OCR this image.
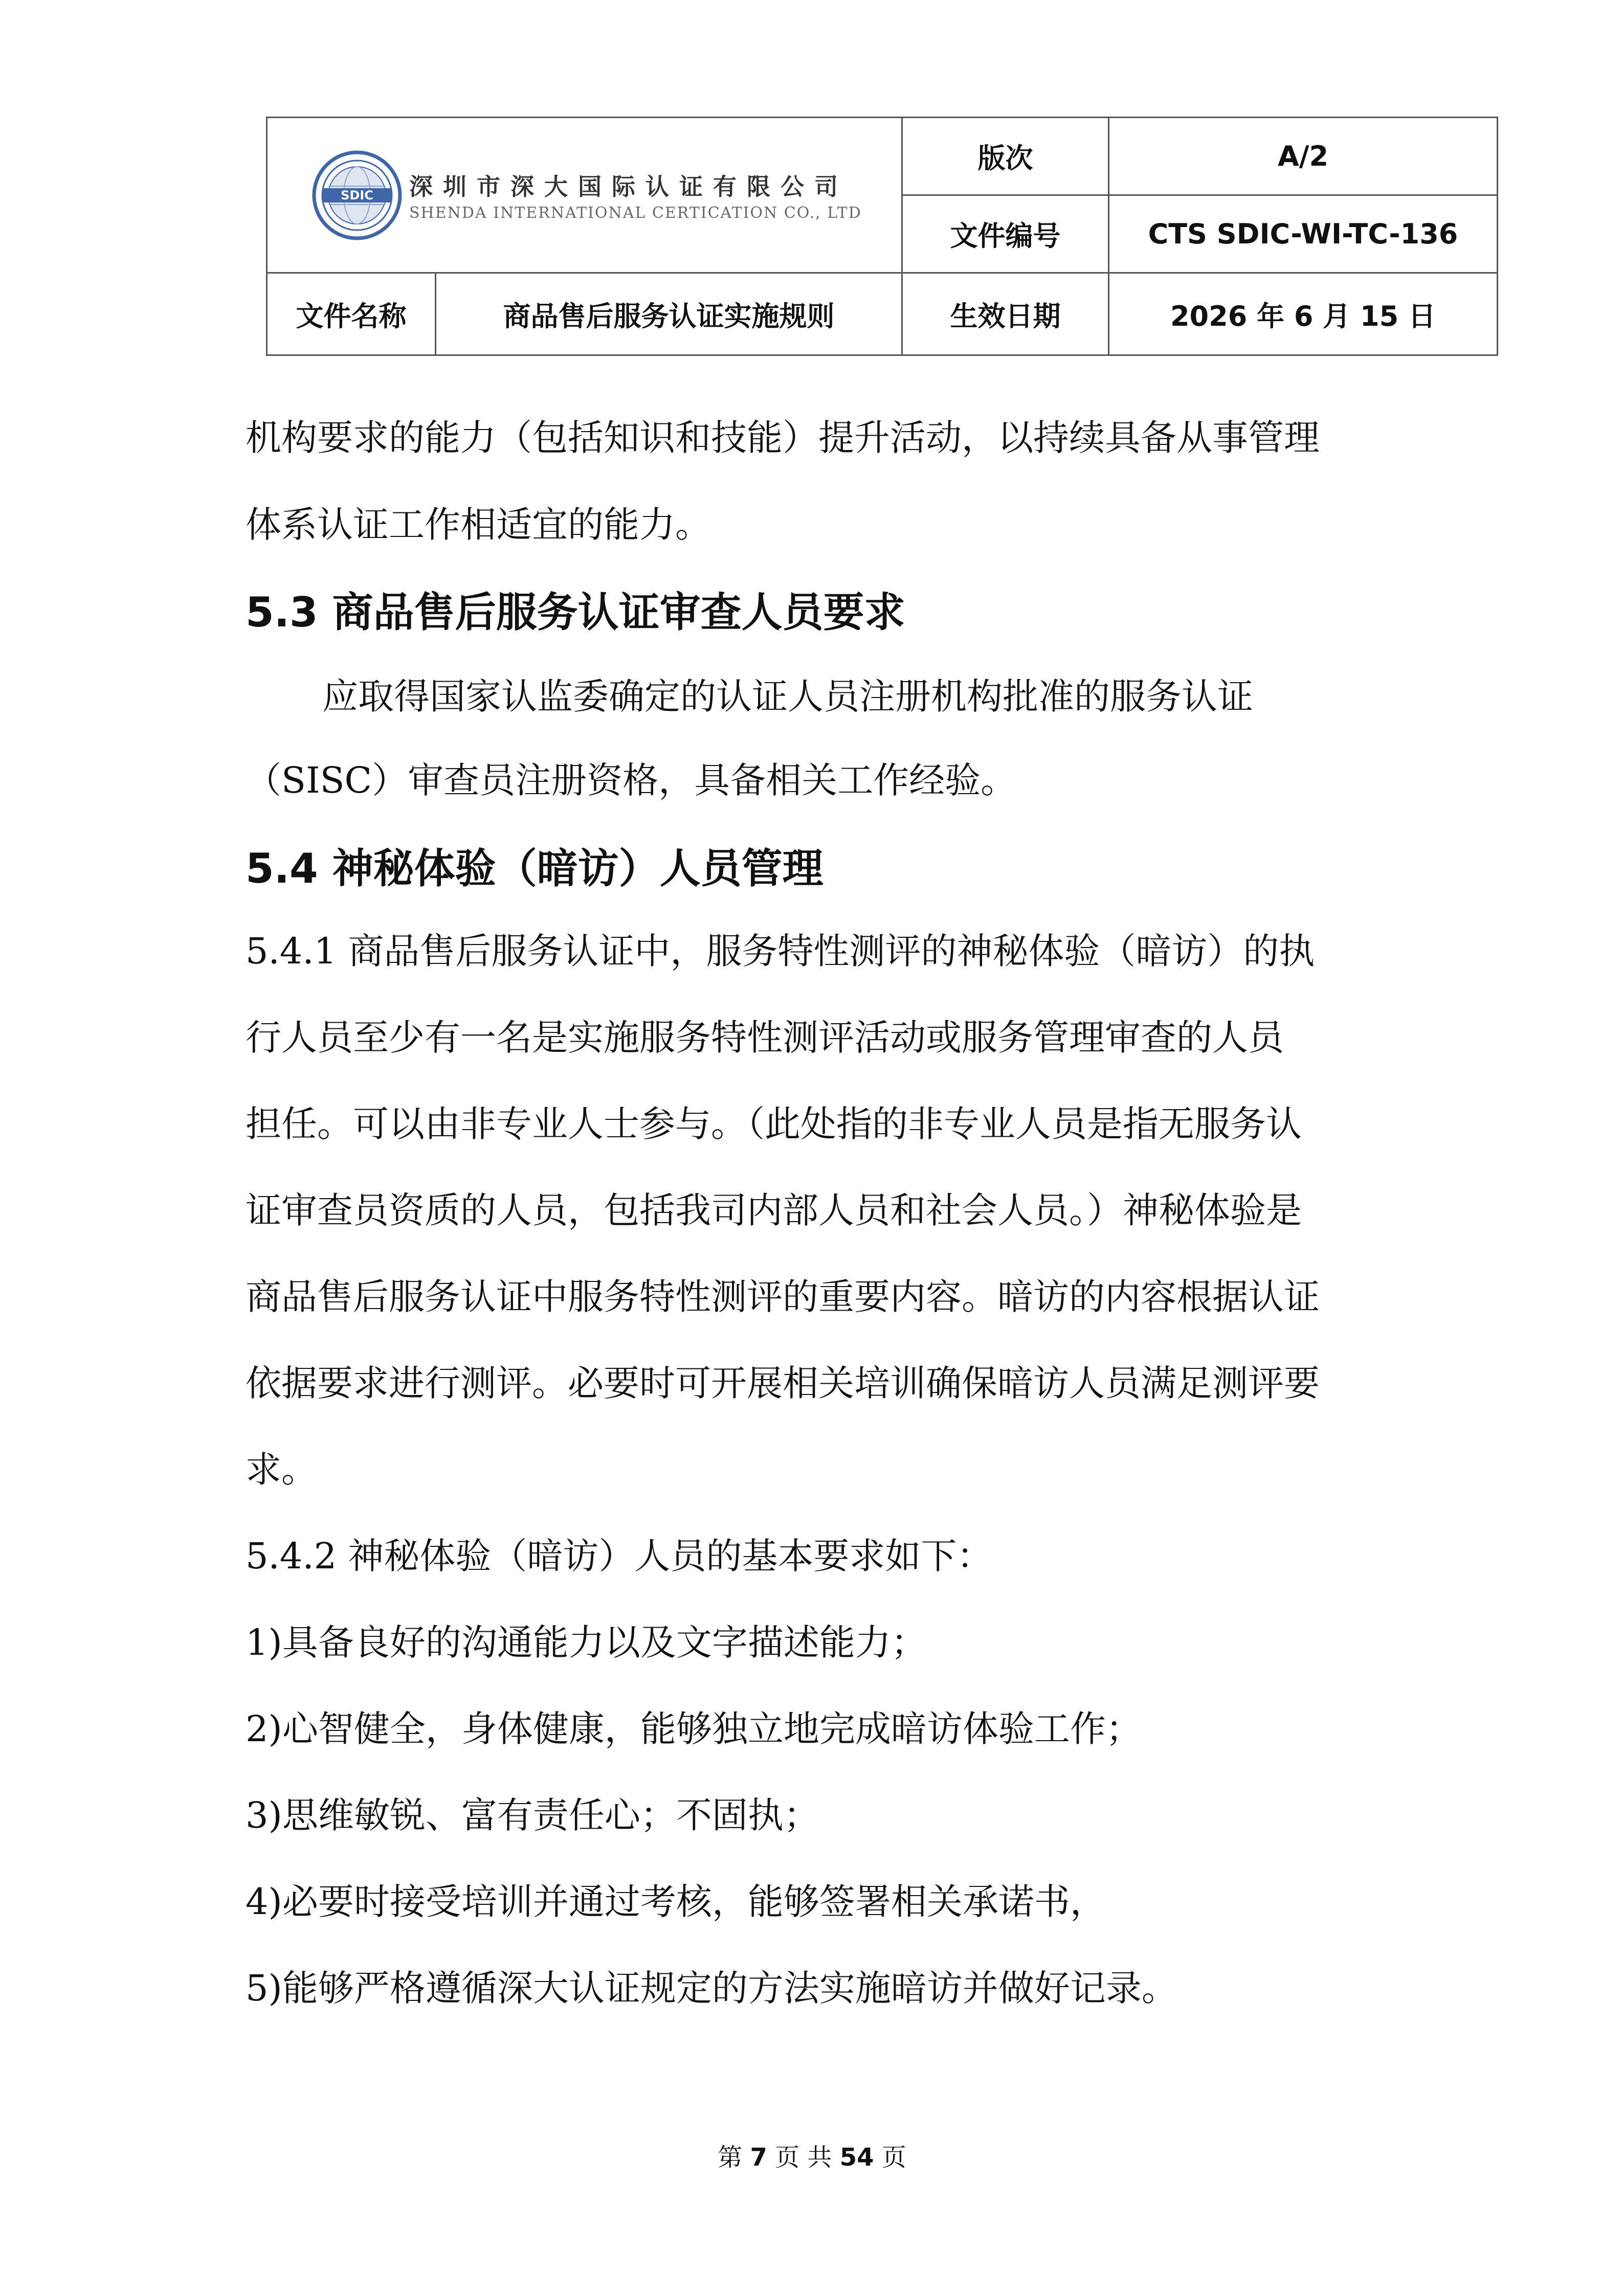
SDIC 深圳市深大国际认证有限公司
SHENDA INTERNATIONAL CERTICATION CO., LTD		版次	A/2
		文件编号	CTS SDIC-WI-TC-136
文件名称	商品售后服务认证实施规则	生效日期	2026 年 6 月 15 日
机构要求的能力（包括知识和技能）提升活动，以持续具备从事管理
体系认证工作相适宜的能力。
5.3 商品售后服务认证审查人员要求
应取得国家认监委确定的认证人员注册机构批准的服务认证
（SISC）审查员注册资格，具备相关工作经验。
5.4 神秘体验（暗访）人员管理
5.4.1 商品售后服务认证中，服务特性测评的神秘体验（暗访）的执
行人员至少有一名是实施服务特性测评活动或服务管理审查的人员
担任。可以由非专业人士参与。（此处指的非专业人员是指无服务认
证审查员资质的人员，包括我司内部人员和社会人员。）神秘体验是
商品售后服务认证中服务特性测评的重要内容。暗访的内容根据认证
依据要求进行测评。必要时可开展相关培训确保暗访人员满足测评要
求。
5.4.2 神秘体验（暗访）人员的基本要求如下：
1)具备良好的沟通能力以及文字描述能力；
2)心智健全，身体健康，能够独立地完成暗访体验工作；
3)思维敏锐、富有责任心；不固执；
4)必要时接受培训并通过考核，能够签署相关承诺书，
5)能够严格遵循深大认证规定的方法实施暗访并做好记录。
第 7 页 共 54 页
